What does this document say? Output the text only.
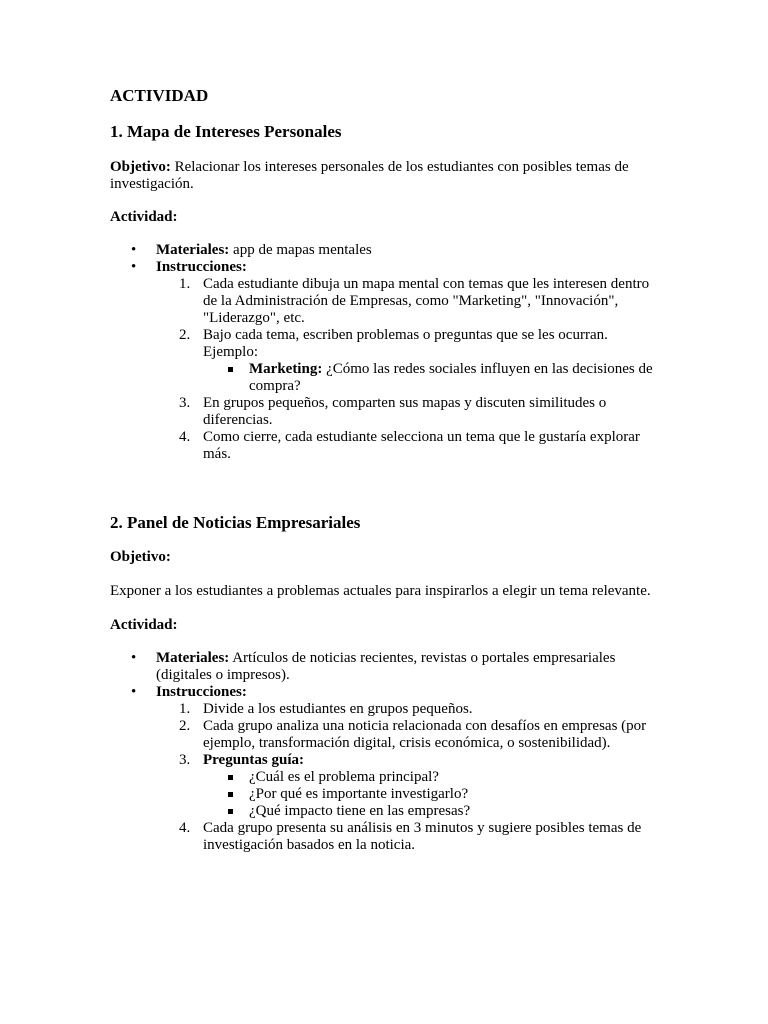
ACTIVIDAD
1. Mapa de Intereses Personales

Objetivo: Relacionar los intereses personales de los estudiantes con posibles temas de investigación.

Actividad:

• Materiales: app de mapas mentales
• Instrucciones:
1. Cada estudiante dibuja un mapa mental con temas que les interesen dentro de la Administración de Empresas, como "Marketing", "Innovación", "Liderazgo", etc.
2. Bajo cada tema, escriben problemas o preguntas que se les ocurran. Ejemplo:
Marketing: ¿Cómo las redes sociales influyen en las decisiones de compra?
3. En grupos pequeños, comparten sus mapas y discuten similitudes o diferencias.
4. Como cierre, cada estudiante selecciona un tema que le gustaría explorar más.
2. Panel de Noticias Empresariales

Objetivo:

Exponer a los estudiantes a problemas actuales para inspirarlos a elegir un tema relevante.

Actividad:

• Materiales: Artículos de noticias recientes, revistas o portales empresariales (digitales o impresos).
• Instrucciones:
1. Divide a los estudiantes en grupos pequeños.
2. Cada grupo analiza una noticia relacionada con desafíos en empresas (por ejemplo, transformación digital, crisis económica, o sostenibilidad).
3. Preguntas guía:
¿Cuál es el problema principal?
¿Por qué es importante investigarlo?
¿Qué impacto tiene en las empresas?
4. Cada grupo presenta su análisis en 3 minutos y sugiere posibles temas de investigación basados en la noticia.
